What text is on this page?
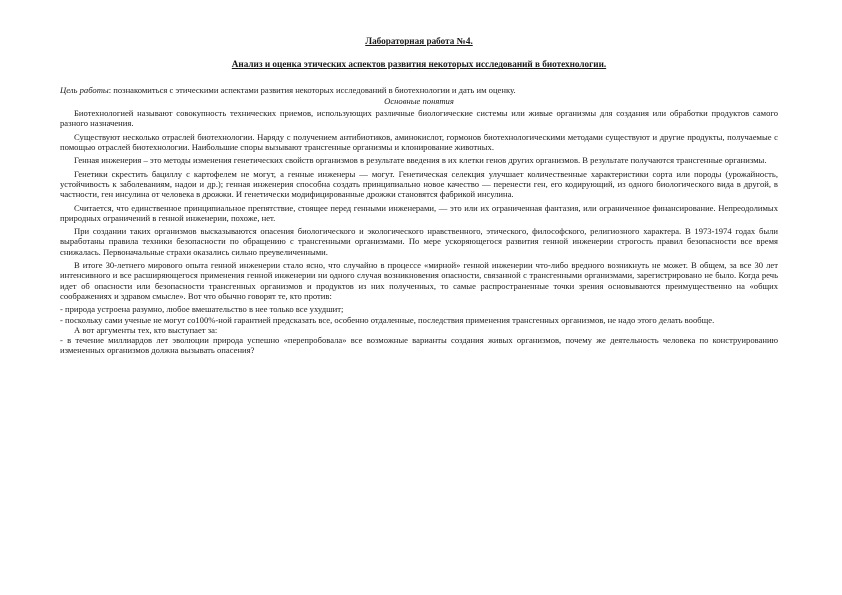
Лабораторная работа №4.

Анализ и оценка этических аспектов развития некоторых исследований в биотехнологии.

Цель работы: познакомиться с этическими аспектами развития некоторых исследований в биотехнологии и дать им оценку.
Основные понятия

Биотехнологией называют совокупность технических приемов, использующих различные биологические системы или живые организмы для создания или обработки продуктов самого разного назначения.

Существуют несколько отраслей биотехнологии. Наряду с получением антибиотиков, аминокислот, гормонов биотехнологическими методами существуют и другие продукты, получаемые с помощью отраслей биотехнологии. Наибольшие споры вызывают трансгенные организмы и клонирование животных.

Генная инженерия – это методы изменения генетических свойств организмов в результате введения в их клетки генов других организмов. В результате получаются трансгенные организмы.

Генетики скрестить бациллу с картофелем не могут, а генные инженеры — могут. Генетическая селекция улучшает количественные характеристики сорта или породы (урожайность, устойчивость к заболеваниям, надои и др.); генная инженерия способна создать принципиально новое качество — перенести ген, его кодирующий, из одного биологического вида в другой, в частности, ген инсулина от человека в дрожжи. И генетически модифицированные дрожжи становятся фабрикой инсулина.

Считается, что единственное принципиальное препятствие, стоящее перед генными инженерами, — это или их ограниченная фантазия, или ограниченное финансирование. Непреодолимых природных ограничений в генной инженерии, похоже, нет.

При создании таких организмов высказываются опасения биологического и экологического нравственного, этического, философского, религиозного характера. В 1973-1974 годах были выработаны правила техники безопасности по обращению с трансгенными организмами. По мере ускоряющегося развития генной инженерии строгость правил безопасности все время снижалась. Первоначальные страхи оказались сильно преувеличенными.

В итоге 30-летнего мирового опыта генной инженерии стало ясно, что случайно в процессе «мирной» генной инженерии что-либо вредного возникнуть не может. В общем, за все 30 лет интенсивного и все расширяющегося применения генной инженерии ни одного случая возникновения опасности, связанной с трансгенными организмами, зарегистрировано не было. Когда речь идет об опасности или безопасности трансгенных организмов и продуктов из них полученных, то самые распространенные точки зрения основываются преимущественно на «общих соображениях и здравом смысле». Вот что обычно говорят те, кто против:

- природа устроена разумно, любое вмешательство в нее только все ухудшит;

- поскольку сами ученые не могут со100%-ной гарантией предсказать все, особенно отдаленные, последствия применения трансгенных организмов, не надо этого делать вообще.

А вот аргументы тех, кто выступает за:

- в течение миллиардов лет эволюции природа успешно «перепробовала» все возможные варианты создания живых организмов, почему же деятельность человека по конструированию измененных организмов должна вызывать опасения?
